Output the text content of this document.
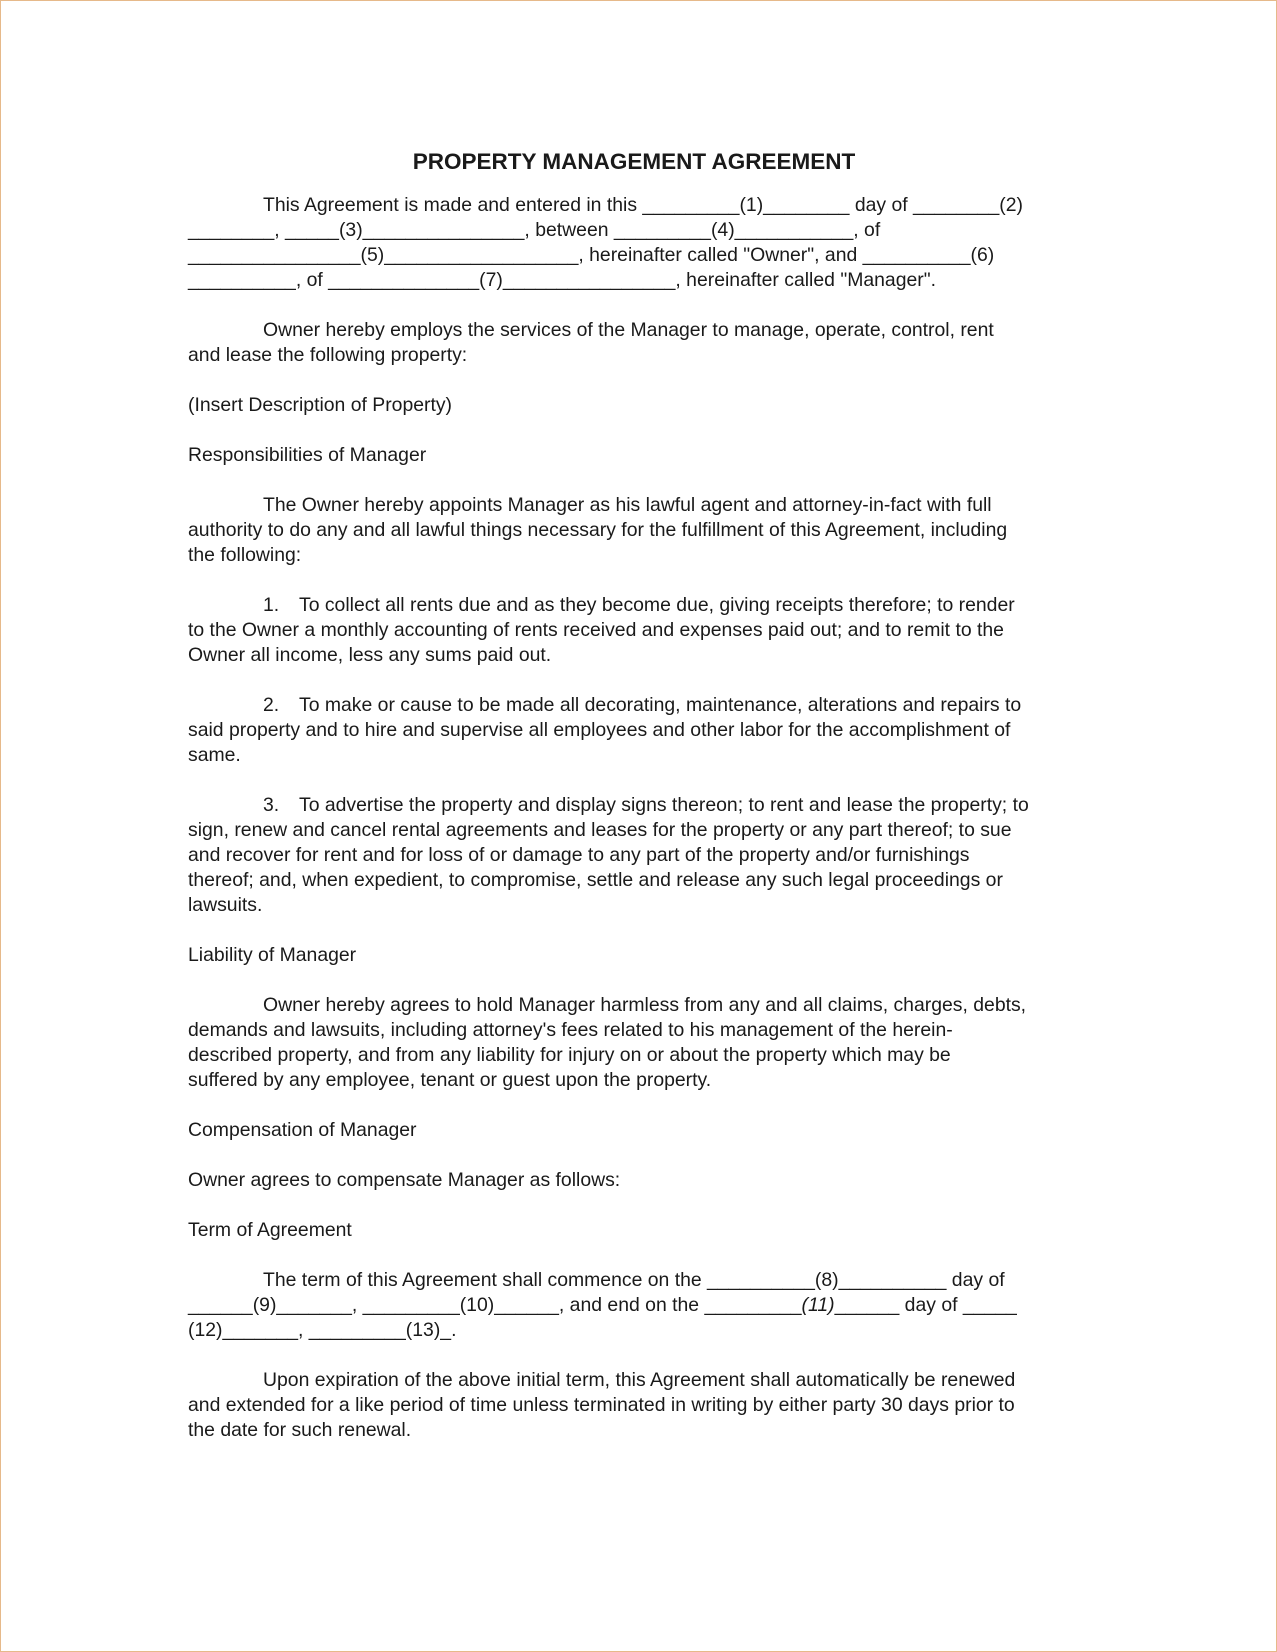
PROPERTY MANAGEMENT AGREEMENT
This Agreement is made and entered in this _________(1)________ day of ________(2)
________, _____(3)_______________, between _________(4)___________, of
________________(5)__________________, hereinafter called "Owner", and __________(6)
__________, of ______________(7)________________, hereinafter called "Manager".
Owner hereby employs the services of the Manager to manage, operate, control, rent
and lease the following property:
(Insert Description of Property)
Responsibilities of Manager
The Owner hereby appoints Manager as his lawful agent and attorney-in-fact with full
authority to do any and all lawful things necessary for the fulfillment of this Agreement, including
the following:
1. To collect all rents due and as they become due, giving receipts therefore; to render
to the Owner a monthly accounting of rents received and expenses paid out; and to remit to the
Owner all income, less any sums paid out.
2. To make or cause to be made all decorating, maintenance, alterations and repairs to
said property and to hire and supervise all employees and other labor for the accomplishment of
same.
3. To advertise the property and display signs thereon; to rent and lease the property; to
sign, renew and cancel rental agreements and leases for the property or any part thereof; to sue
and recover for rent and for loss of or damage to any part of the property and/or furnishings
thereof; and, when expedient, to compromise, settle and release any such legal proceedings or
lawsuits.
Liability of Manager
Owner hereby agrees to hold Manager harmless from any and all claims, charges, debts,
demands and lawsuits, including attorney's fees related to his management of the herein-
described property, and from any liability for injury on or about the property which may be
suffered by any employee, tenant or guest upon the property.
Compensation of Manager
Owner agrees to compensate Manager as follows:
Term of Agreement
The term of this Agreement shall commence on the __________(8)__________ day of
______(9)_______, _________(10)______, and end on the _________(11)______ day of _____
(12)_______, _________(13)_.
Upon expiration of the above initial term, this Agreement shall automatically be renewed
and extended for a like period of time unless terminated in writing by either party 30 days prior to
the date for such renewal.
